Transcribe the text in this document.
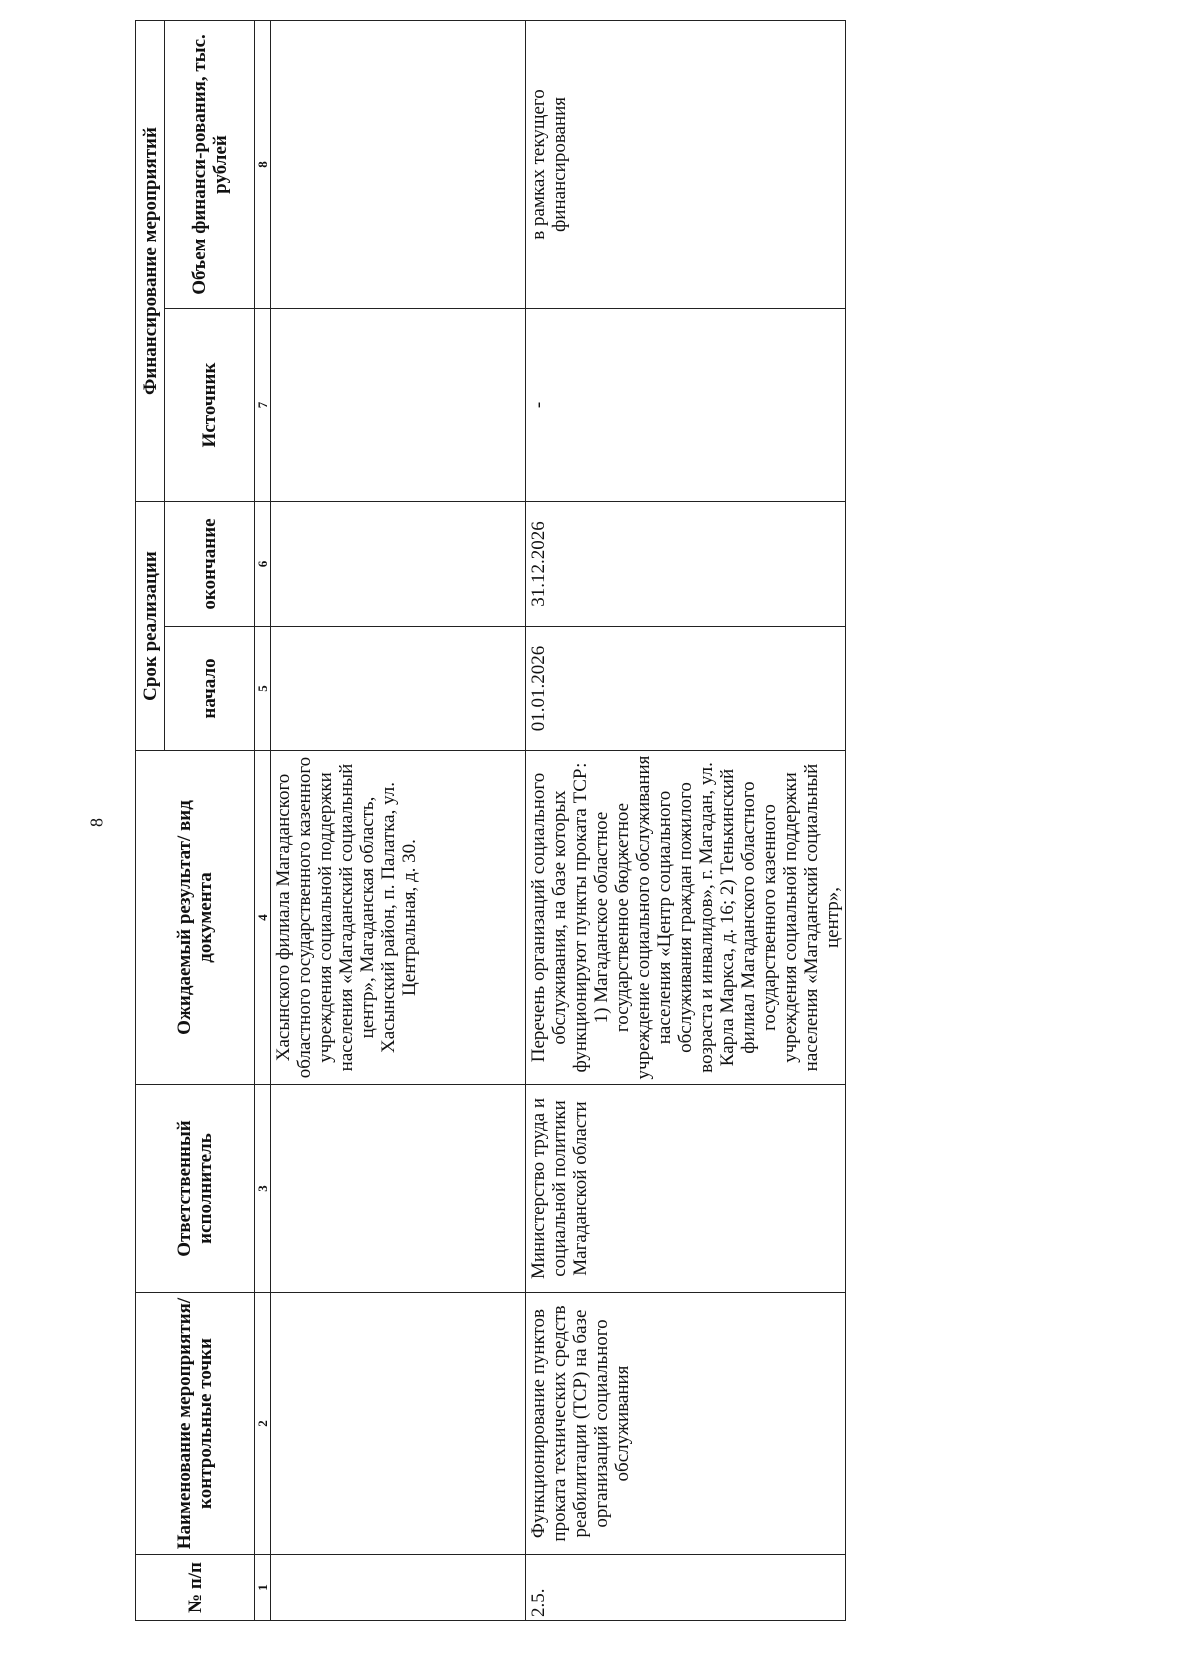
8
№ п/п	Наименование мероприятия/ контрольные точки	Ответственный исполнитель	Ожидаемый результат/ вид документа	Срок реализации		Финансирование мероприятий	
				начало	окончание	Источник	Объем финанси-рования, тыс. рублей
1	2	3	4	5	6	7	8
			Хасынского филиала Магаданского областного государственного казенного учреждения социальной поддержки населения «Магаданский социальный центр», Магаданская область, Хасынский район, п. Палатка, ул. Центральная, д. 30.				
2.5.	Функционирование пунктов проката технических средств реабилитации (ТСР) на базе организаций социального обслуживания	Министерство труда и социальной политики Магаданской области	Перечень организаций социального обслуживания, на базе которых функционируют пункты проката ТСР: 1) Магаданское областное государственное бюджетное учреждение социального обслуживания населения «Центр социального обслуживания граждан пожилого возраста и инвалидов», г. Магадан, ул. Карла Маркса, д. 16; 2) Тенькинский филиал Магаданского областного государственного казенного учреждения социальной поддержки населения «Магаданский социальный центр»,	01.01.2026	31.12.2026	-	в рамках текущего финансирования
